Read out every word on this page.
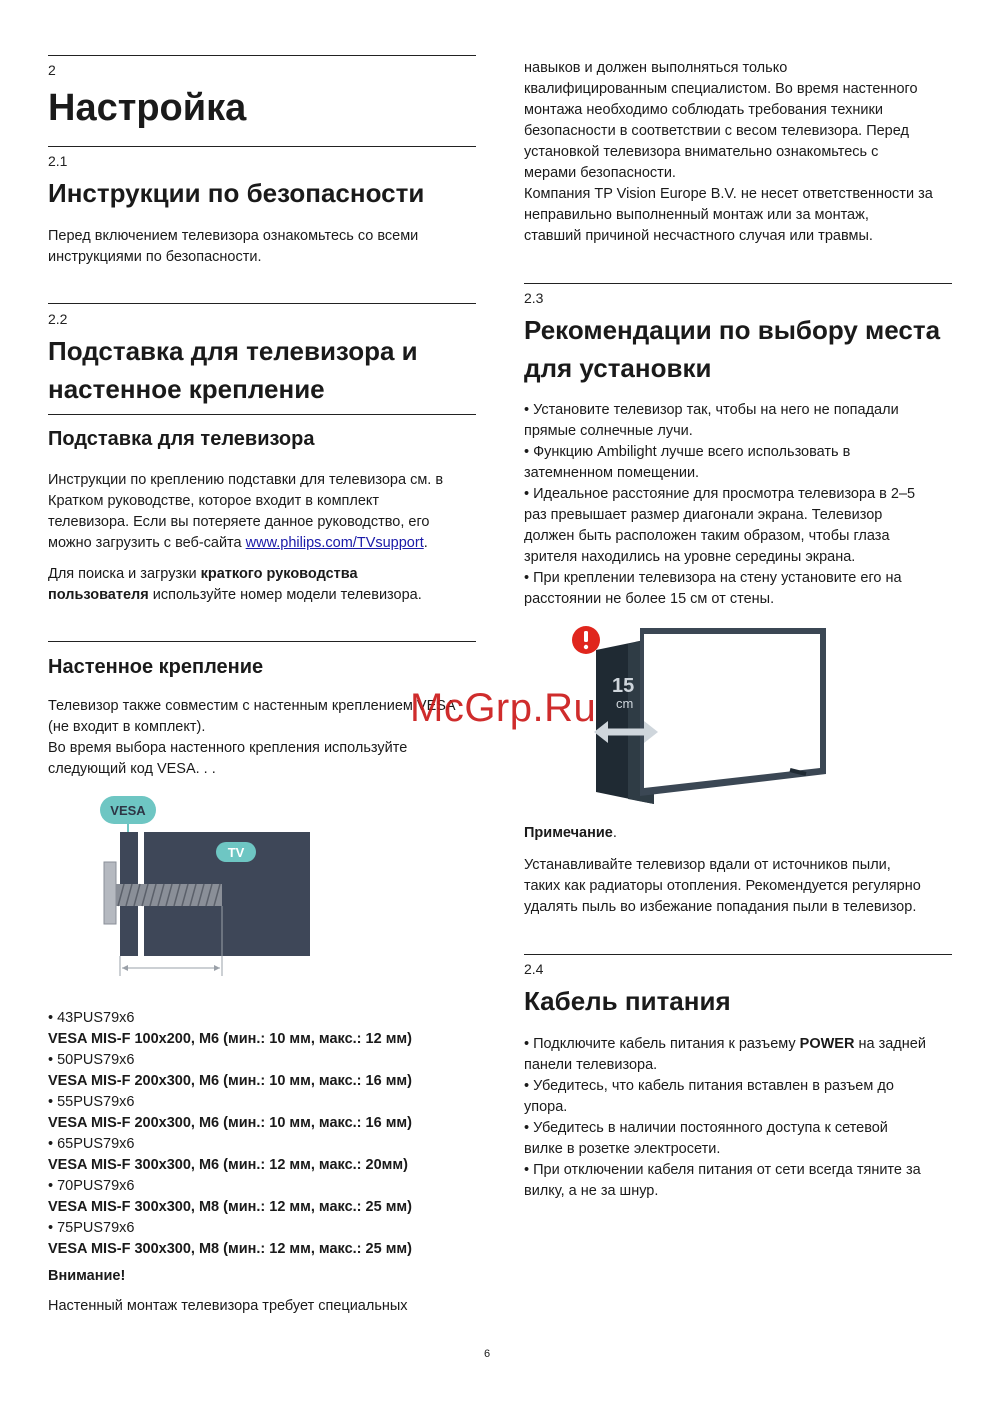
2
Настройка
2.1
Инструкции по безопасности
Перед включением телевизора ознакомьтесь со всеми
инструкциями по безопасности.
2.2
Подставка для телевизора и
настенное крепление
Подставка для телевизора
Инструкции по креплению подставки для телевизора см. в
Кратком руководстве, которое входит в комплект
телевизора. Если вы потеряете данное руководство, его
можно загрузить с веб-сайта www.philips.com/TVsupport.
Для поиска и загрузки краткого руководства
пользователя используйте номер модели телевизора.
Настенное крепление
Телевизор также совместим с настенным креплением VESA
(не входит в комплект).
Во время выбора настенного крепления используйте
следующий код VESA. . .
VESA
TV
• 43PUS79x6
VESA MIS-F 100x200, M6 (мин.: 10 мм, макс.: 12 мм)
• 50PUS79x6
VESA MIS-F 200x300, M6 (мин.: 10 мм, макс.: 16 мм)
• 55PUS79x6
VESA MIS-F 200x300, M6 (мин.: 10 мм, макс.: 16 мм)
• 65PUS79x6
VESA MIS-F 300x300, M6 (мин.: 12 мм, макс.: 20мм)
• 70PUS79x6
VESA MIS-F 300x300, M8 (мин.: 12 мм, макс.: 25 мм)
• 75PUS79x6
VESA MIS-F 300x300, M8 (мин.: 12 мм, макс.: 25 мм)
Внимание!
Настенный монтаж телевизора требует специальных
навыков и должен выполняться только
квалифицированным специалистом. Во время настенного
монтажа необходимо соблюдать требования техники
безопасности в соответствии с весом телевизора. Перед
установкой телевизора внимательно ознакомьтесь с
мерами безопасности.
Компания TP Vision Europe B.V. не несет ответственности за
неправильно выполненный монтаж или за монтаж,
ставший причиной несчастного случая или травмы.
2.3
Рекомендации по выбору места
для установки
• Установите телевизор так, чтобы на него не попадали
прямые солнечные лучи.
• Функцию Ambilight лучше всего использовать в
затемненном помещении.
• Идеальное расстояние для просмотра телевизора в 2–5
раз превышает размер диагонали экрана. Телевизор
должен быть расположен таким образом, чтобы глаза
зрителя находились на уровне середины экрана.
• При креплении телевизора на стену установите его на
расстоянии не более 15 см от стены.
15
cm
Примечание.
Устанавливайте телевизор вдали от источников пыли,
таких как радиаторы отопления. Рекомендуется регулярно
удалять пыль во избежание попадания пыли в телевизор.
2.4
Кабель питания
• Подключите кабель питания к разъему POWER на задней
панели телевизора.
• Убедитесь, что кабель питания вставлен в разъем до
упора.
• Убедитесь в наличии постоянного доступа к сетевой
вилке в розетке электросети.
• При отключении кабеля питания от сети всегда тяните за
вилку, а не за шнур.
McGrp.Ru
6
